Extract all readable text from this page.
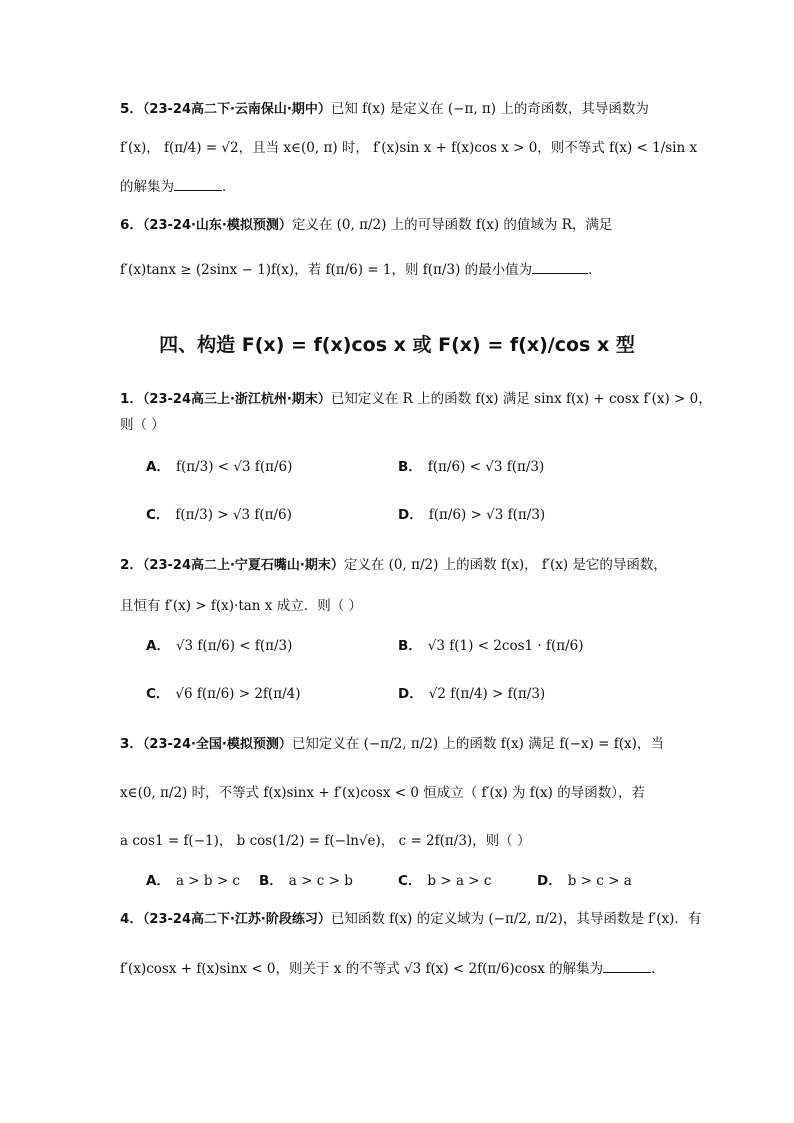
5．（23-24高二下·云南保山·期中）已知 f(x) 是定义在 (−π, π) 上的奇函数，其导函数为
f′(x)， f(π/4) = √2，且当 x∈(0, π) 时， f′(x)sin x + f(x)cos x > 0，则不等式 f(x) < 1/sin x
的解集为	．
6．（23-24·山东·模拟预测）定义在 (0, π/2) 上的可导函数 f(x) 的值域为 R，满足
f′(x)tanx ≥ (2sinx − 1)f(x)，若 f(π/6) = 1，则 f(π/3) 的最小值为	．
四、构造 F(x) = f(x)cos x 或 F(x) = f(x)/cos x 型
1．（23-24高三上·浙江杭州·期末）已知定义在 R 上的函数 f(x) 满足 sinx f(x) + cosx f′(x) > 0，
则（ ）
A． f(π/3) < √3 f(π/6)	B． f(π/6) < √3 f(π/3)
C． f(π/3) > √3 f(π/6)	D． f(π/6) > √3 f(π/3)
2．（23-24高二上·宁夏石嘴山·期末）定义在 (0, π/2) 上的函数 f(x)， f′(x) 是它的导函数，
且恒有 f′(x) > f(x)·tan x 成立．则（ ）
A． √3 f(π/6) < f(π/3)	B． √3 f(1) < 2cos1 · f(π/6)
C． √6 f(π/6) > 2f(π/4)	D． √2 f(π/4) > f(π/3)
3．（23-24·全国·模拟预测）已知定义在 (−π/2, π/2) 上的函数 f(x) 满足 f(−x) = f(x)，当
x∈(0, π/2) 时，不等式 f(x)sinx + f′(x)cosx < 0 恒成立（ f′(x) 为 f(x) 的导函数），若
a cos1 = f(−1)， b cos(1/2) = f(−ln√e)， c = 2f(π/3)，则（ ）
A． a > b > c B． a > c > b	C． b > a > c	D． b > c > a
4．（23-24高二下·江苏·阶段练习）已知函数 f(x) 的定义域为 (−π/2, π/2)，其导函数是 f′(x)．有
f′(x)cosx + f(x)sinx < 0，则关于 x 的不等式 √3 f(x) < 2f(π/6)cosx 的解集为	．
